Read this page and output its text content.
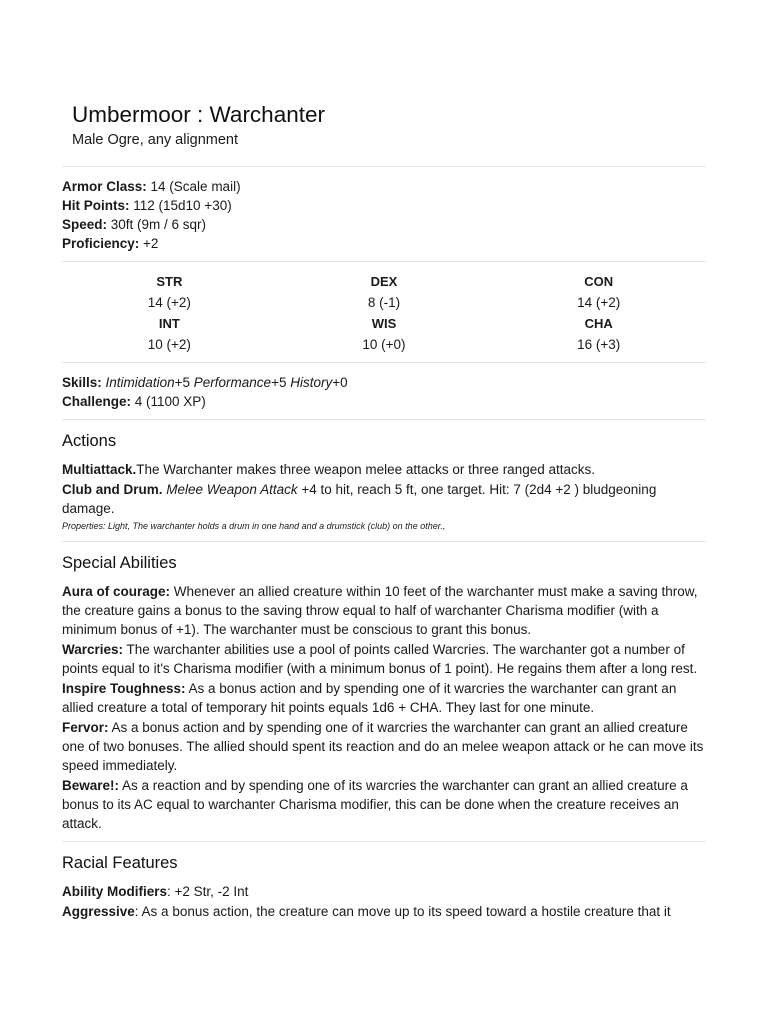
Umbermoor : Warchanter
Male Ogre, any alignment

Armor Class: 14 (Scale mail)

Hit Points: 112 (15d10 +30)

Speed: 30ft (9m / 6 sqr)

Proficiency: +2

STR	DEX	CON
14 (+2)	8 (-1)	14 (+2)
INT	WIS	CHA
10 (+2)	10 (+0)	16 (+3)

Skills: Intimidation+5 Performance+5 History+0

Challenge: 4 (1100 XP)

Actions

Multiattack.The Warchanter makes three weapon melee attacks or three ranged attacks.

Club and Drum. Melee Weapon Attack +4 to hit, reach 5 ft, one target. Hit: 7 (2d4 +2 ) bludgeoning damage.

Properties: Light, The warchanter holds a drum in one hand and a drumstick (club) on the other.,

Special Abilities

Aura of courage: Whenever an allied creature within 10 feet of the warchanter must make a saving throw, the creature gains a bonus to the saving throw equal to half of warchanter Charisma modifier (with a minimum bonus of +1). The warchanter must be conscious to grant this bonus.

Warcries: The warchanter abilities use a pool of points called Warcries. The warchanter got a number of points equal to it's Charisma modifier (with a minimum bonus of 1 point). He regains them after a long rest.

Inspire Toughness: As a bonus action and by spending one of it warcries the warchanter can grant an allied creature a total of temporary hit points equals 1d6 + CHA. They last for one minute.

Fervor: As a bonus action and by spending one of it warcries the warchanter can grant an allied creature one of two bonuses. The allied should spent its reaction and do an melee weapon attack or he can move its speed immediately.

Beware!: As a reaction and by spending one of its warcries the warchanter can grant an allied creature a bonus to its AC equal to warchanter Charisma modifier, this can be done when the creature receives an attack.

Racial Features

Ability Modifiers: +2 Str, -2 Int

Aggressive: As a bonus action, the creature can move up to its speed toward a hostile creature that it
